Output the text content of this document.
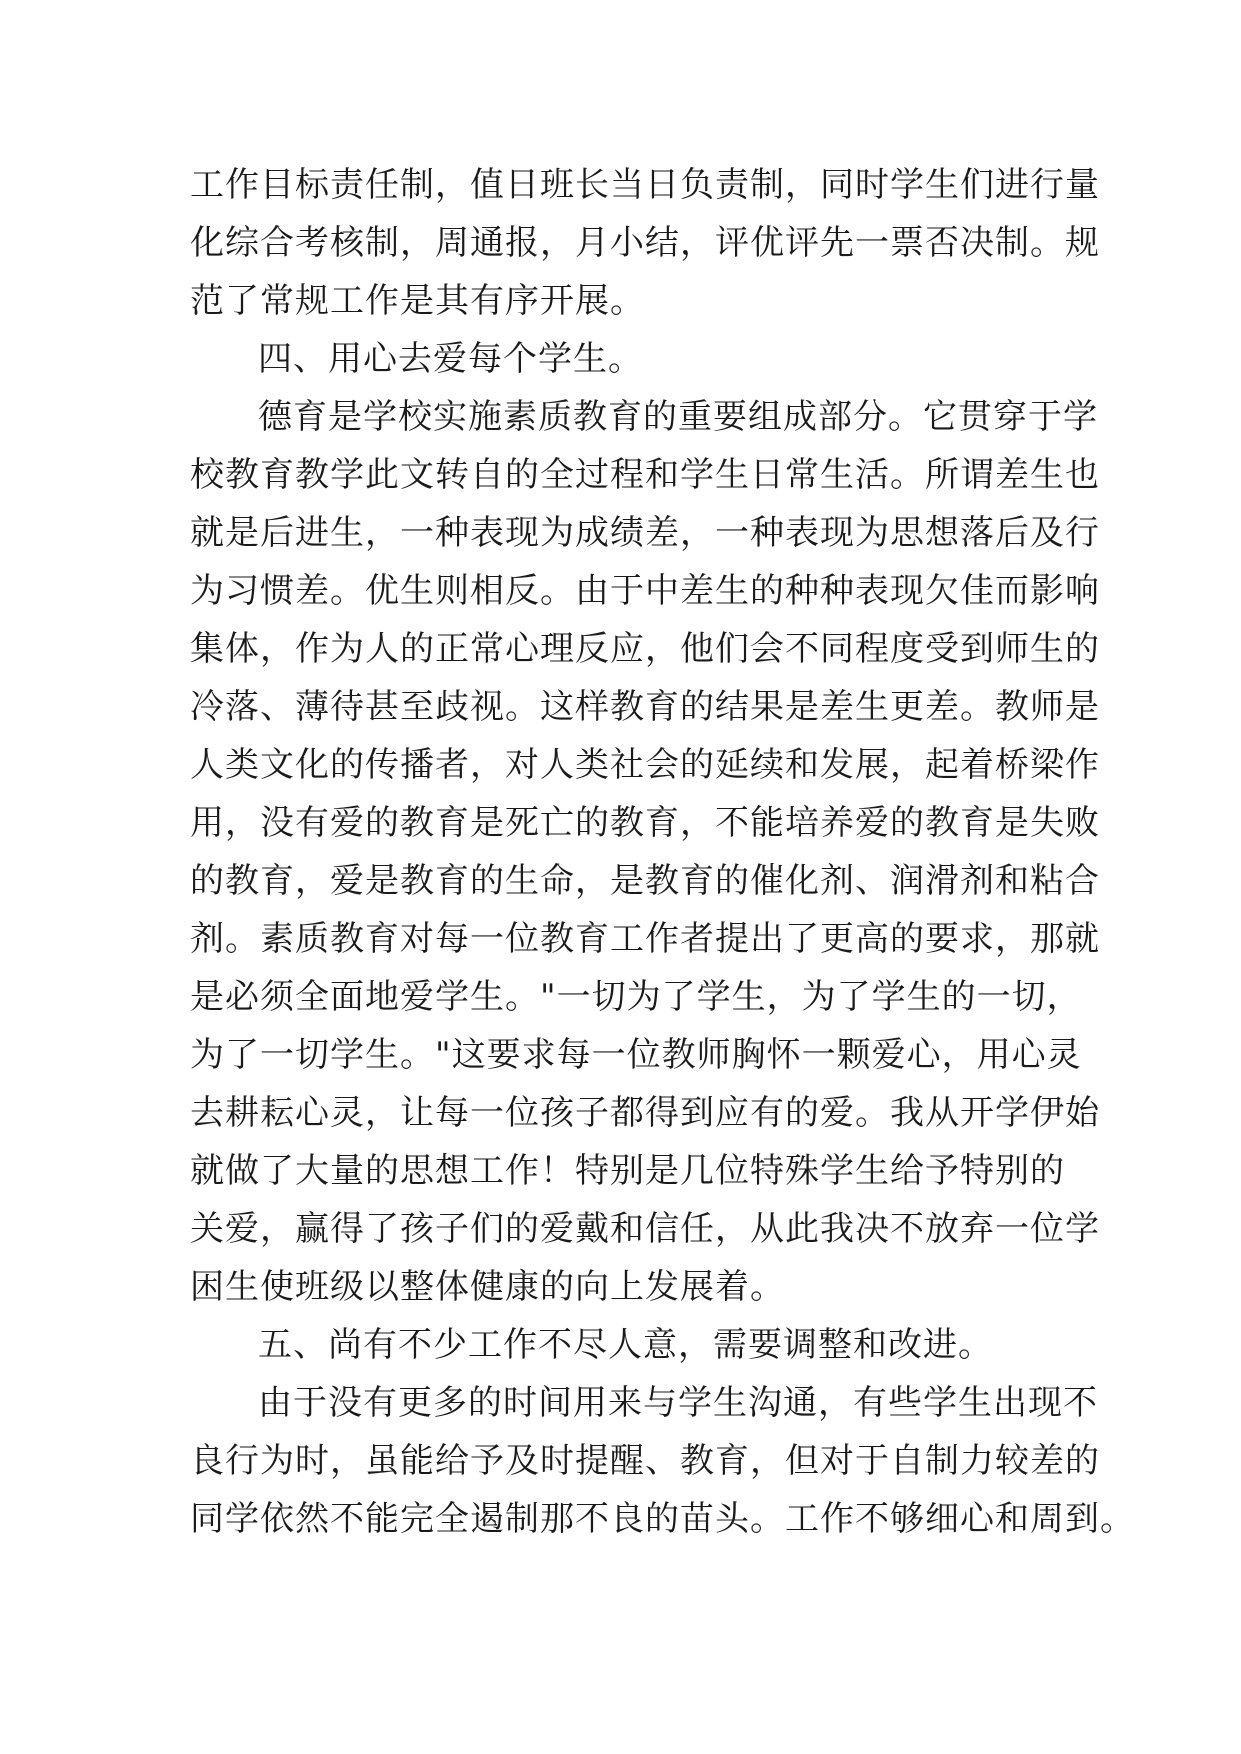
工作目标责任制，值日班长当日负责制，同时学生们进行量
化综合考核制，周通报，月小结，评优评先一票否决制。规
范了常规工作是其有序开展。
四、用心去爱每个学生。
德育是学校实施素质教育的重要组成部分。它贯穿于学
校教育教学此文转自的全过程和学生日常生活。所谓差生也
就是后进生，一种表现为成绩差，一种表现为思想落后及行
为习惯差。优生则相反。由于中差生的种种表现欠佳而影响
集体，作为人的正常心理反应，他们会不同程度受到师生的
冷落、薄待甚至歧视。这样教育的结果是差生更差。教师是
人类文化的传播者，对人类社会的延续和发展，起着桥梁作
用，没有爱的教育是死亡的教育，不能培养爱的教育是失败
的教育，爱是教育的生命，是教育的催化剂、润滑剂和粘合
剂。素质教育对每一位教育工作者提出了更高的要求，那就
是必须全面地爱学生。"一切为了学生，为了学生的一切，
为了一切学生。"这要求每一位教师胸怀一颗爱心，用心灵
去耕耘心灵，让每一位孩子都得到应有的爱。我从开学伊始
就做了大量的思想工作！特别是几位特殊学生给予特别的
关爱，赢得了孩子们的爱戴和信任，从此我决不放弃一位学
困生使班级以整体健康的向上发展着。
五、尚有不少工作不尽人意，需要调整和改进。
由于没有更多的时间用来与学生沟通，有些学生出现不
良行为时，虽能给予及时提醒、教育，但对于自制力较差的
同学依然不能完全遏制那不良的苗头。工作不够细心和周到。
